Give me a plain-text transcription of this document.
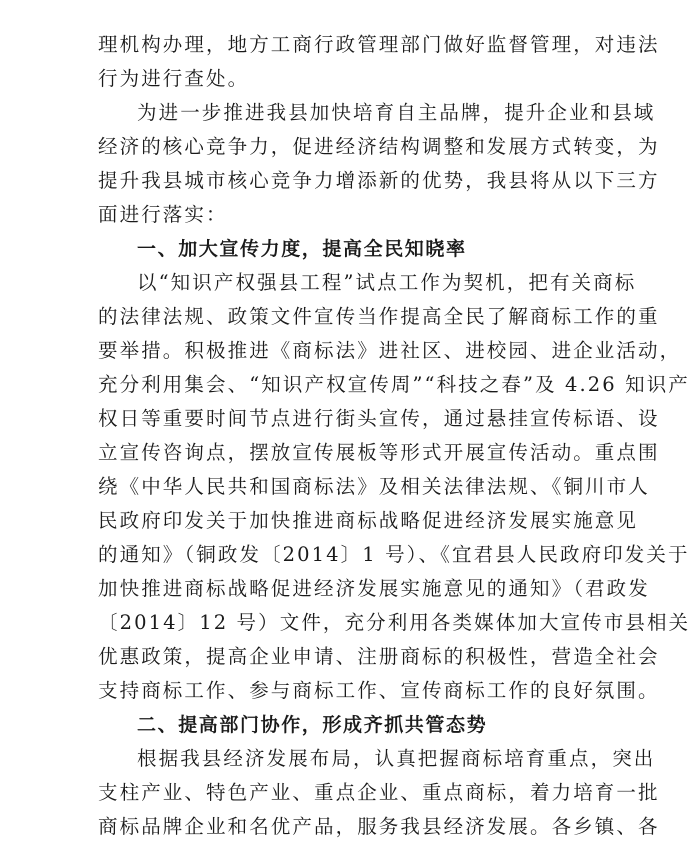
理机构办理，地方工商行政管理部门做好监督管理，对违法
行为进行查处。
为进一步推进我县加快培育自主品牌，提升企业和县域
经济的核心竞争力，促进经济结构调整和发展方式转变，为
提升我县城市核心竞争力增添新的优势，我县将从以下三方
面进行落实：
一、加大宣传力度，提高全民知晓率
以“知识产权强县工程”试点工作为契机，把有关商标
的法律法规、政策文件宣传当作提高全民了解商标工作的重
要举措。积极推进《商标法》进社区、进校园、进企业活动，
充分利用集会、“知识产权宣传周”“科技之春”及 4.26 知识产
权日等重要时间节点进行街头宣传，通过悬挂宣传标语、设
立宣传咨询点，摆放宣传展板等形式开展宣传活动。重点围
绕《中华人民共和国商标法》及相关法律法规、《铜川市人
民政府印发关于加快推进商标战略促进经济发展实施意见
的通知》（铜政发〔2014〕1 号）、《宜君县人民政府印发关于
加快推进商标战略促进经济发展实施意见的通知》（君政发
〔2014〕12 号）文件，充分利用各类媒体加大宣传市县相关
优惠政策，提高企业申请、注册商标的积极性，营造全社会
支持商标工作、参与商标工作、宣传商标工作的良好氛围。
二、提高部门协作，形成齐抓共管态势
根据我县经济发展布局，认真把握商标培育重点，突出
支柱产业、特色产业、重点企业、重点商标，着力培育一批
商标品牌企业和名优产品，服务我县经济发展。各乡镇、各
